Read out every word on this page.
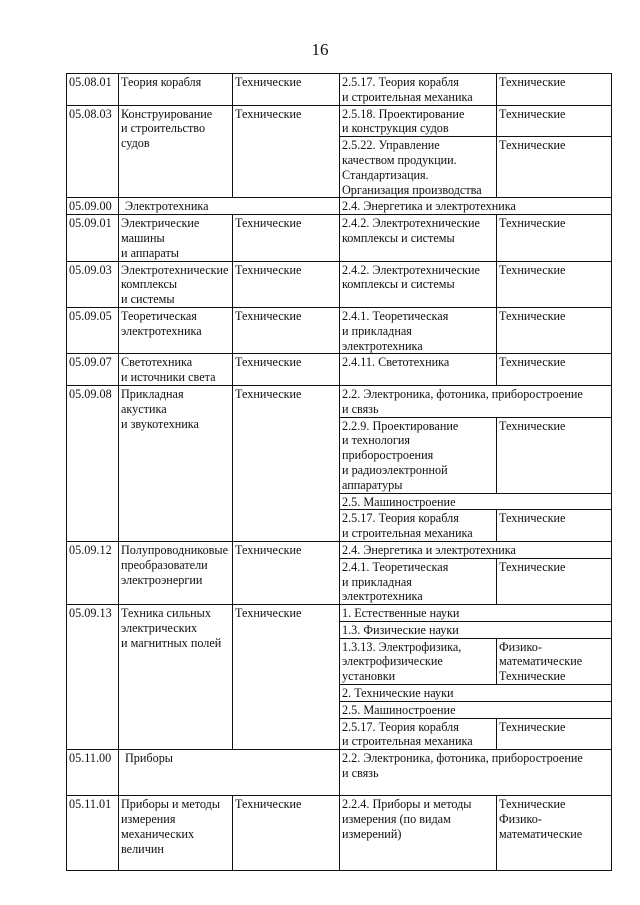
16
05.08.01	Теория корабля	Технические	2.5.17. Теория корабля
и строительная механика	Технические
05.08.03	Конструирование
и строительство
судов	Технические	2.5.18. Проектирование
и конструкция судов	Технические
			2.5.22. Управление
качеством продукции.
Стандартизация.
Организация производства	Технические
05.09.00	Электротехника		2.4. Энергетика и электротехника	
05.09.01	Электрические
машины
и аппараты	Технические	2.4.2. Электротехнические
комплексы и системы	Технические
05.09.03	Электротехнические
комплексы
и системы	Технические	2.4.2. Электротехнические
комплексы и системы	Технические
05.09.05	Теоретическая
электротехника	Технические	2.4.1. Теоретическая
и прикладная
электротехника	Технические
05.09.07	Светотехника
и источники света	Технические	2.4.11. Светотехника	Технические
05.09.08	Прикладная
акустика
и звукотехника	Технические	2.2. Электроника, фотоника, приборостроение
и связь	
			2.2.9. Проектирование
и технология
приборостроения
и радиоэлектронной
аппаратуры	Технические
			2.5. Машиностроение	
			2.5.17. Теория корабля
и строительная механика	Технические
05.09.12	Полупроводниковые
преобразователи
электроэнергии	Технические	2.4. Энергетика и электротехника	
			2.4.1. Теоретическая
и прикладная
электротехника	Технические
05.09.13	Техника сильных
электрических
и магнитных полей	Технические	1. Естественные науки	
			1.3. Физические науки	
			1.3.13. Электрофизика,
электрофизические
установки	Физико-
математические
Технические
			2. Технические науки	
			2.5. Машиностроение	
			2.5.17. Теория корабля
и строительная механика	Технические
05.11.00	Приборы		2.2. Электроника, фотоника, приборостроение
и связь	
05.11.01	Приборы и методы
измерения
механических
величин	Технические	2.2.4. Приборы и методы
измерения (по видам
измерений)	Технические
Физико-
математические
